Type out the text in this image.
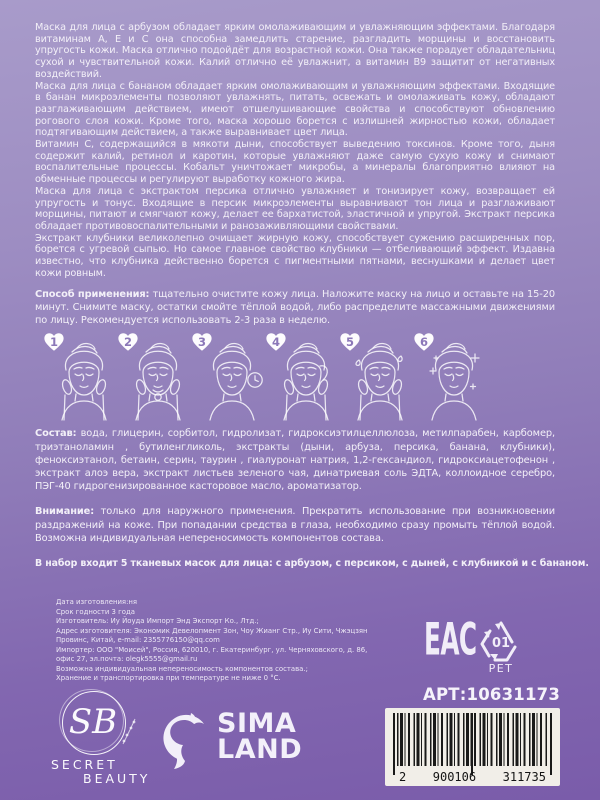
Маска для лица с арбузом обладает ярким омолаживающим и увлажняющим эффектами. Благодаря витаминам А, Е и С она способна замедлить старение, разгладить морщины и восстановить упругость кожи. Маска отлично подойдёт для возрастной кожи. Она также порадует обладательниц сухой и чувствительной кожи. Калий отлично её увлажнит, а витамин В9 защитит от негативных воздействий.

Маска для лица с бананом обладает ярким омолаживающим и увлажняющим эффектами. Входящие в банан микроэлементы позволяют увлажнять, питать, освежать и омолаживать кожу, обладают разглаживающим действием, имеют отшелушивающие свойства и способствуют обновлению рогового слоя кожи. Кроме того, маска хорошо борется с излишней жирностью кожи, обладает подтягивающим действием, а также выравнивает цвет лица.

Витамин С, содержащийся в мякоти дыни, способствует выведению токсинов. Кроме того, дыня содержит калий, ретинол и каротин, которые увлажняют даже самую сухую кожу и снимают воспалительные процессы. Кобальт уничтожает микробы, а минералы благоприятно влияют на обменные процессы и регулируют выработку кожного жира.

Маска для лица с экстрактом персика отлично увлажняет и тонизирует кожу, возвращает ей упругость и тонус. Входящие в персик микроэлементы выравнивают тон лица и разглаживают морщины, питают и смягчают кожу, делает ее бархатистой, эластичной и упругой. Экстракт персика обладает противовоспалительными и ранозаживляющими свойствами.

Экстракт клубники великолепно очищает жирную кожу, способствует сужению расширенных пор, борется с угревой сыпью. Но самое главное свойство клубники — отбеливающий эффект. Издавна известно, что клубника действенно борется с пигментными пятнами, веснушками и делает цвет кожи ровным.

Способ применения: тщательно очистите кожу лица. Наложите маску на лицо и оставьте на 15-20 минут. Снимите маску, остатки смойте тёплой водой, либо распределите массажными движениями по лицу. Рекомендуется использовать 2-3 раза в неделю.

1	2	3	4	5	6

Состав: вода, глицерин, сорбитол, гидролизат, гидроксиэтилцеллюлоза, метилпарабен, карбомер, триэтаноламин , бутиленгликоль, экстракты (дыни, арбуза, персика, банана, клубники), феноксиэтанол, бетаин, серин, таурин , гиалуронат натрия, 1,2-гександиол, гидроксиацетофенон , экстракт алоэ вера, экстракт листьев зеленого чая, динатриевая соль ЭДТА, коллоидное серебро, ПЭГ-40 гидрогенизированное касторовое масло, ароматизатор.

Внимание: только для наружного применения. Прекратить использование при возникновении раздражений на коже. При попадании средства в глаза, необходимо сразу промыть тёплой водой. Возможна индивидуальная непереносимость компонентов состава.

В набор входит 5 тканевых масок для лица: с арбузом, с персиком, с дыней, с клубникой и с бананом.

Дата изготовления:ня
Срок годности 3 года
Изготовитель: Иу Йоуда Импорт Энд Экспорт Ко., Лтд.;
Адрес изготовителя: Экономик Девелопмент Зон, Чоу Жианг Стр., Иу Сити, Чжэцзян Провинс, Китай, e-mail: 2355776150@qq.com
Импортер: ООО "Моисей", Россия, 620010, г. Екатеринбург, ул. Черняховского, д. 86, офис 27, эл.почта: olegk5555@gmail.ru
Возможна индивидуальная непереносимость компонентов состава.;
Хранение и транспортировка при температуре не ниже 0 °С.
EAC 01
PET
АРТ:10631173
2 900106 311735
SB
SECRET
BEAUTY
SIMA
LAND
